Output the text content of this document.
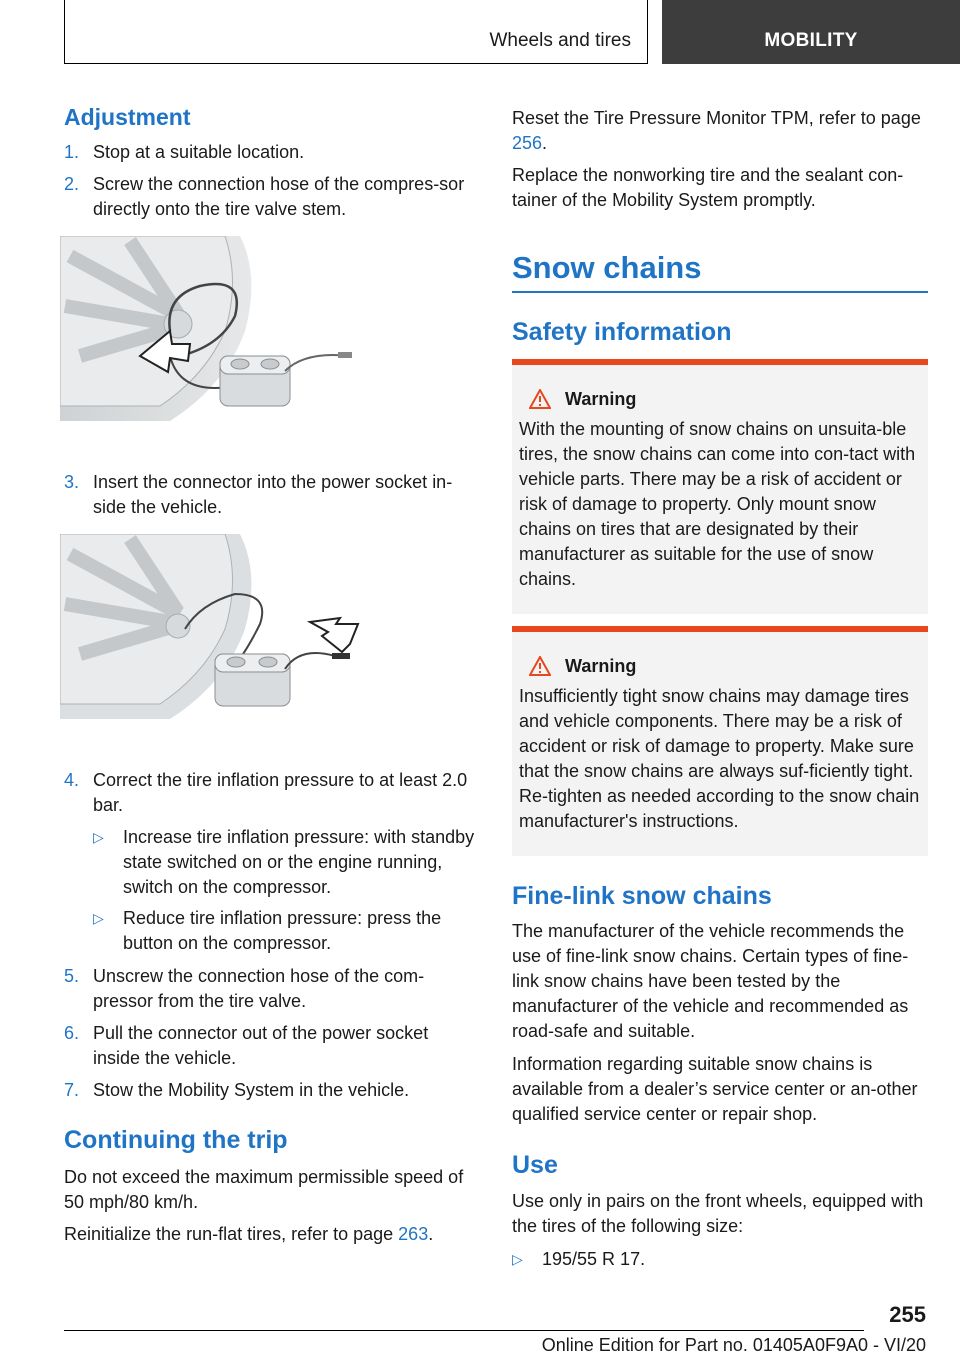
Wheels and tires	MOBILITY
Adjustment
1. Stop at a suitable location.
2. Screw the connection hose of the compres-sor directly onto the tire valve stem.
3. Insert the connector into the power socket in-side the vehicle.
4. Correct the tire inflation pressure to at least 2.0 bar.
▷ Increase tire inflation pressure: with standby state switched on or the engine running, switch on the compressor.
▷ Reduce tire inflation pressure: press the button on the compressor.
5. Unscrew the connection hose of the com-pressor from the tire valve.
6. Pull the connector out of the power socket inside the vehicle.
7. Stow the Mobility System in the vehicle.
Continuing the trip

Do not exceed the maximum permissible speed of 50 mph/80 km/h.

Reinitialize the run-flat tires, refer to page 263.

Reset the Tire Pressure Monitor TPM, refer to page 256.

Replace the nonworking tire and the sealant con-tainer of the Mobility System promptly.

Snow chains
Safety information
Warning

With the mounting of snow chains on unsuita-ble tires, the snow chains can come into con-tact with vehicle parts. There may be a risk of accident or risk of damage to property. Only mount snow chains on tires that are designated by their manufacturer as suitable for the use of snow chains.

Warning

Insufficiently tight snow chains may damage tires and vehicle components. There may be a risk of accident or risk of damage to property. Make sure that the snow chains are always suf-ficiently tight. Re-tighten as needed according to the snow chain manufacturer's instructions.

Fine-link snow chains

The manufacturer of the vehicle recommends the use of fine-link snow chains. Certain types of fine-link snow chains have been tested by the manufacturer of the vehicle and recommended as road-safe and suitable.

Information regarding suitable snow chains is available from a dealer’s service center or an-other qualified service center or repair shop.

Use

Use only in pairs on the front wheels, equipped with the tires of the following size:

▷ 195/55 R 17.
255
Online Edition for Part no. 01405A0F9A0 - VI/20
